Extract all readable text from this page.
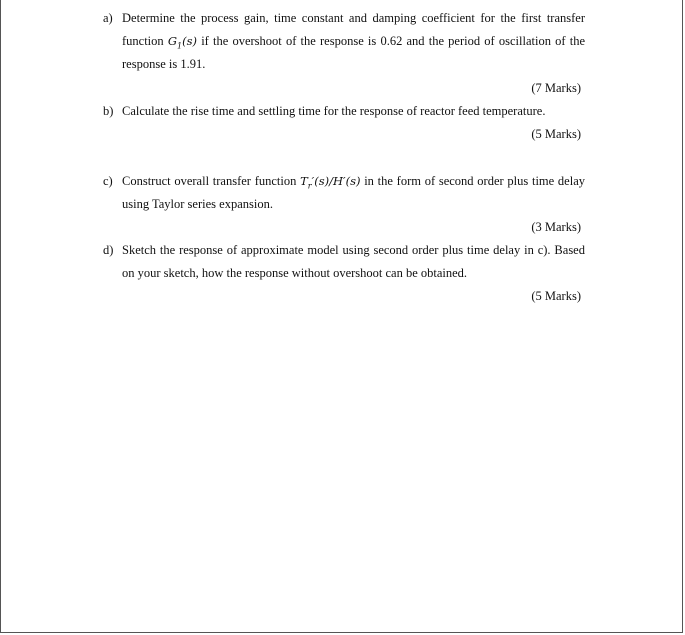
a) Determine the process gain, time constant and damping coefficient for the first transfer function $G_1(s)$ if the overshoot of the response is 0.62 and the period of oscillation of the response is 1.91.
(7 Marks)
b) Calculate the rise time and settling time for the response of reactor feed temperature.
(5 Marks)
c) Construct overall transfer function $T_r'(s)/H'(s)$ in the form of second order plus time delay using Taylor series expansion.
(3 Marks)
d) Sketch the response of approximate model using second order plus time delay in c). Based on your sketch, how the response without overshoot can be obtained.
(5 Marks)
